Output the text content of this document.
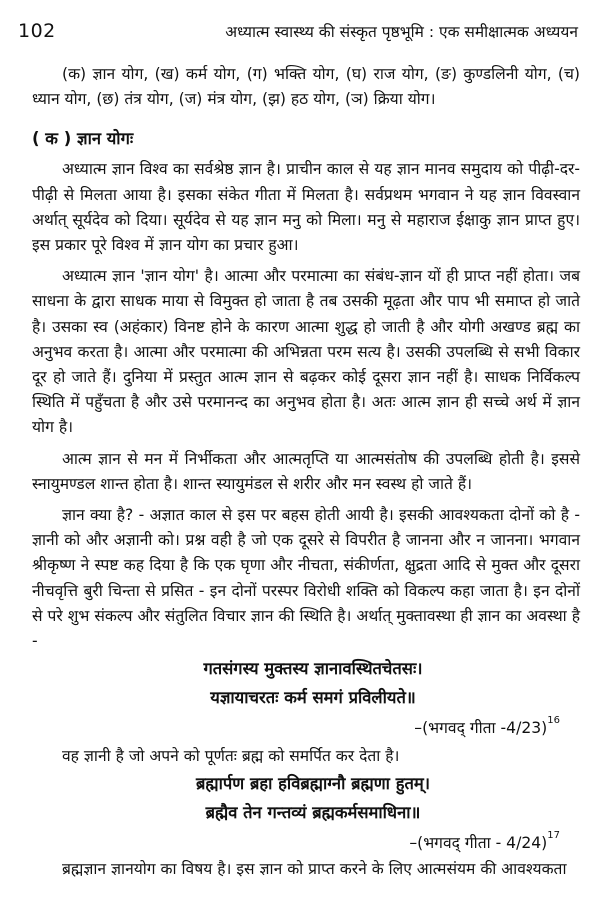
102	अध्यात्म स्वास्थ्य की संस्कृत पृष्ठभूमि : एक समीक्षात्मक अध्ययन

(क) ज्ञान योग, (ख) कर्म योग, (ग) भक्ति योग, (घ) राज योग, (ङ) कुण्डलिनी योग, (च) ध्यान योग, (छ) तंत्र योग, (ज) मंत्र योग, (झ) हठ योग, (ञ) क्रिया योग।

( क ) ज्ञान योगः

अध्यात्म ज्ञान विश्व का सर्वश्रेष्ठ ज्ञान है। प्राचीन काल से यह ज्ञान मानव समुदाय को पीढ़ी-दर-पीढ़ी से मिलता आया है। इसका संकेत गीता में मिलता है। सर्वप्रथम भगवान ने यह ज्ञान विवस्वान अर्थात् सूर्यदेव को दिया। सूर्यदेव से यह ज्ञान मनु को मिला। मनु से महाराज ईक्षाकु ज्ञान प्राप्त हुए। इस प्रकार पूरे विश्व में ज्ञान योग का प्रचार हुआ।

अध्यात्म ज्ञान 'ज्ञान योग' है। आत्मा और परमात्मा का संबंध-ज्ञान यों ही प्राप्त नहीं होता। जब साधना के द्वारा साधक माया से विमुक्त हो जाता है तब उसकी मूढ़ता और पाप भी समाप्त हो जाते है। उसका स्व (अहंकार) विनष्ट होने के कारण आत्मा शुद्ध हो जाती है और योगी अखण्ड ब्रह्म का अनुभव करता है। आत्मा और परमात्मा की अभिन्नता परम सत्य है। उसकी उपलब्धि से सभी विकार दूर हो जाते हैं। दुनिया में प्रस्तुत आत्म ज्ञान से बढ़कर कोई दूसरा ज्ञान नहीं है। साधक निर्विकल्प स्थिति में पहुँचता है और उसे परमानन्द का अनुभव होता है। अतः आत्म ज्ञान ही सच्चे अर्थ में ज्ञान योग है।

आत्म ज्ञान से मन में निर्भीकता और आत्मतृप्ति या आत्मसंतोष की उपलब्धि होती है। इससे स्नायुमण्डल शान्त होता है। शान्त स्यायुमंडल से शरीर और मन स्वस्थ हो जाते हैं।

ज्ञान क्या है? - अज्ञात काल से इस पर बहस होती आयी है। इसकी आवश्यकता दोनों को है - ज्ञानी को और अज्ञानी को। प्रश्न वही है जो एक दूसरे से विपरीत है जानना और न जानना। भगवान श्रीकृष्ण ने स्पष्ट कह दिया है कि एक घृणा और नीचता, संकीर्णता, क्षुद्रता आदि से मुक्त और दूसरा नीचवृत्ति बुरी चिन्ता से प्रसित - इन दोनों परस्पर विरोधी शक्ति को विकल्प कहा जाता है। इन दोनों से परे शुभ संकल्प और संतुलित विचार ज्ञान की स्थिति है। अर्थात् मुक्तावस्था ही ज्ञान का अवस्था है -

गतसंगस्य मुक्तस्य ज्ञानावस्थितचेतसः।
यज्ञायाचरतः कर्म समगं प्रविलीयते॥
–(भगवद् गीता -4/23)$^{16}$

वह ज्ञानी है जो अपने को पूर्णतः ब्रह्म को समर्पित कर देता है।

ब्रह्मार्पण ब्रहा हविब्रह्माग्नौ ब्रह्मणा हुतम्।
ब्रह्मैव तेन गन्तव्यं ब्रह्मकर्मसमाधिना॥
–(भगवद् गीता - 4/24)$^{17}$

ब्रह्मज्ञान ज्ञानयोग का विषय है। इस ज्ञान को प्राप्त करने के लिए आत्मसंयम की आवश्यकता
